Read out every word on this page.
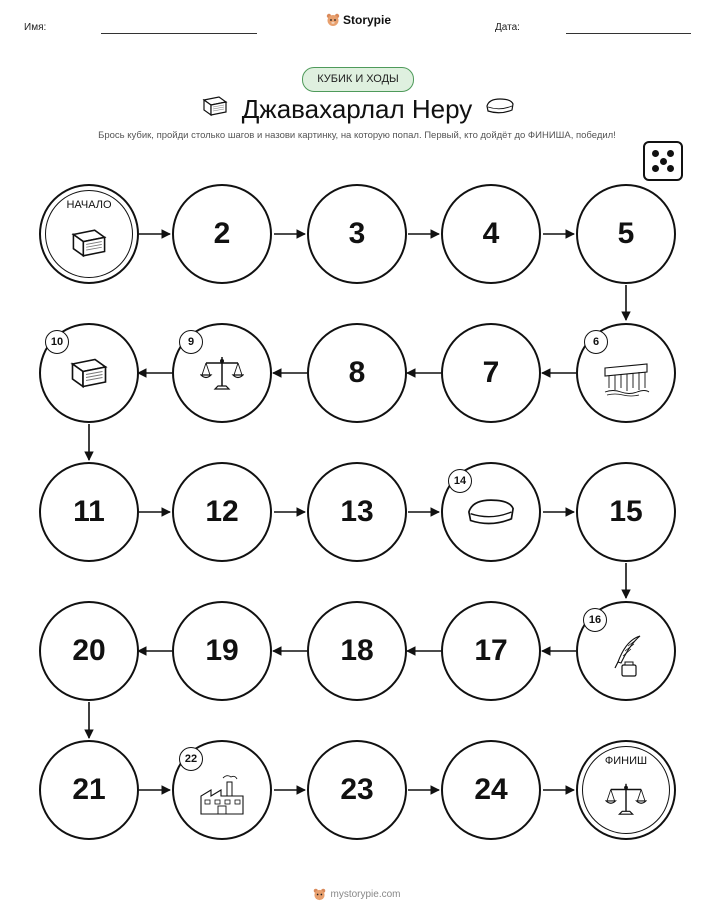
Имя:
Storypie
Дата:
КУБИК И ХОДЫ
Джавахарлал Неру
Брось кубик, пройди столько шагов и назови картинку, на которую попал. Первый, кто дойдёт до ФИНИША, победил!
НАЧАЛО
2	3	4	5
10	9
8	7
6
11	12	13
14
15
20	19	18	17
16
21
22
23	24
ФИНИШ
mystorypie.com
